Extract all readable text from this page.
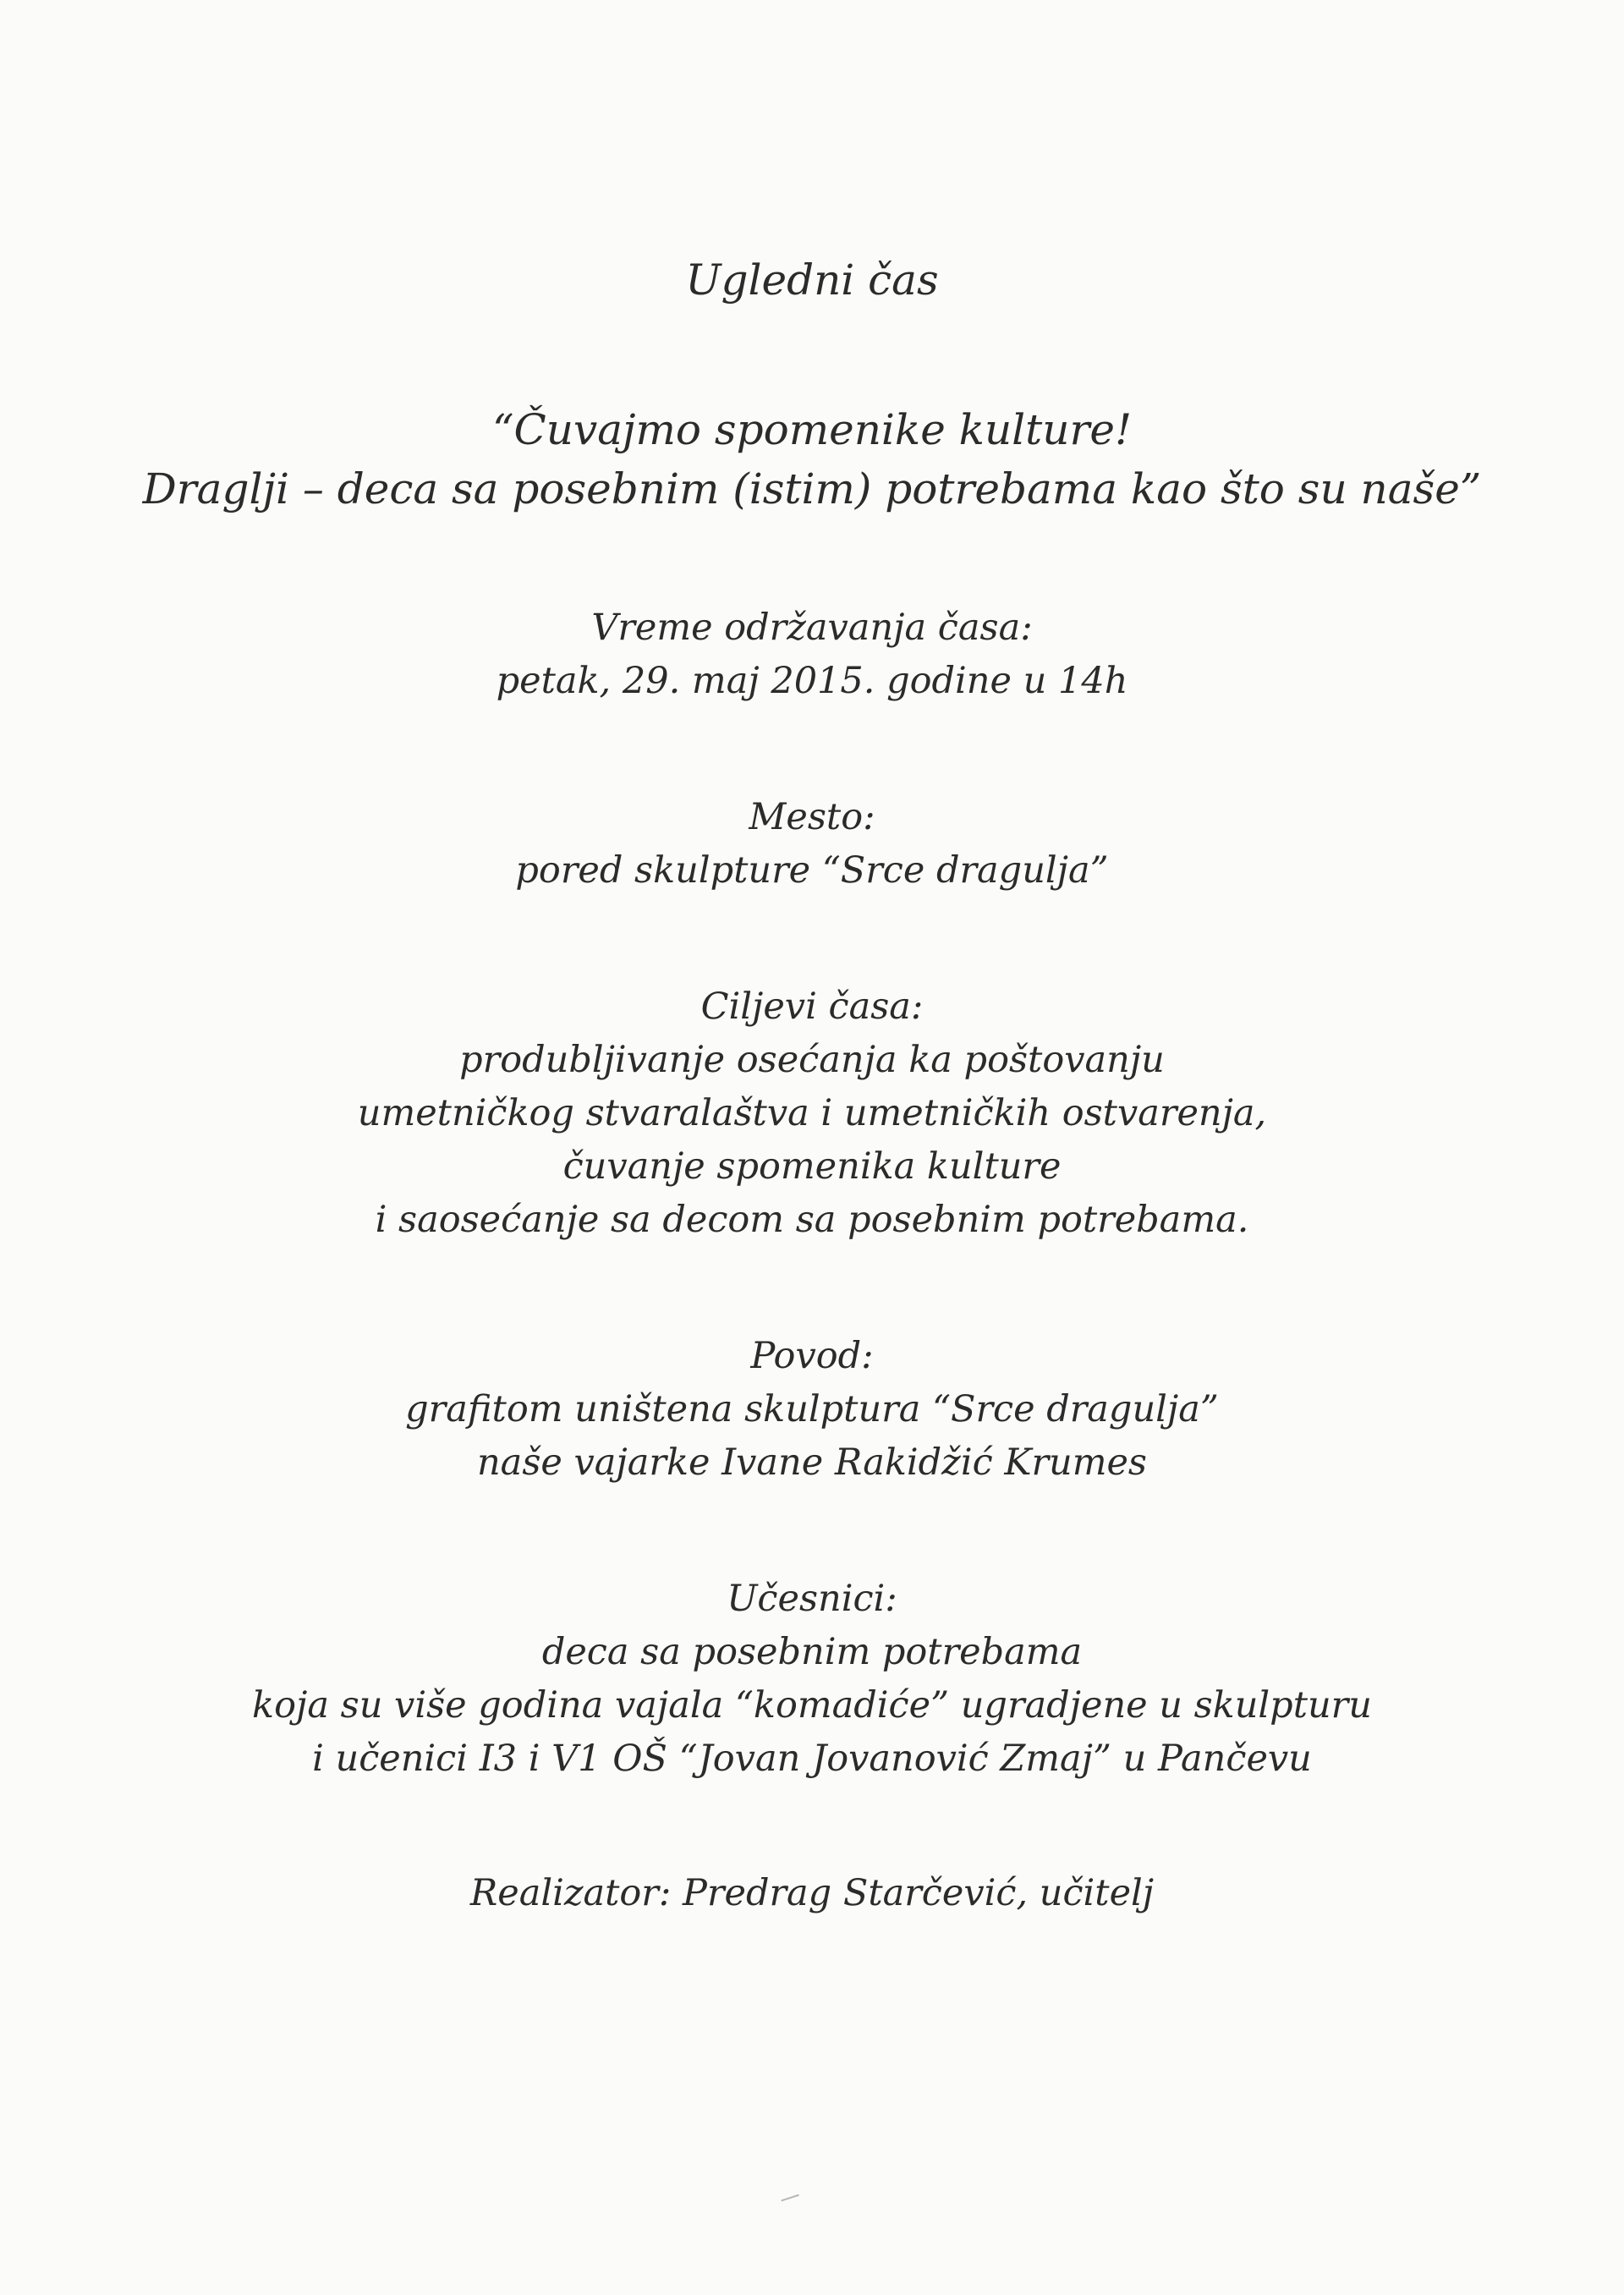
Ugledni čas
“Čuvajmo spomenike kulture!
Draglji – deca sa posebnim (istim) potrebama kao što su naše”
Vreme održavanja časa:
petak, 29. maj 2015. godine u 14h
Mesto:
pored skulpture “Srce dragulja”
Ciljevi časa:
produbljivanje osećanja ka poštovanju
umetničkog stvaralaštva i umetničkih ostvarenja,
čuvanje spomenika kulture
i saosećanje sa decom sa posebnim potrebama.
Povod:
grafitom uništena skulptura “Srce dragulja”
naše vajarke Ivane Rakidžić Krumes
Učesnici:
deca sa posebnim potrebama
koja su više godina vajala “komadiće” ugradjene u skulpturu
i učenici I3 i V1 OŠ “Jovan Jovanović Zmaj” u Pančevu
Realizator: Predrag Starčević, učitelj
